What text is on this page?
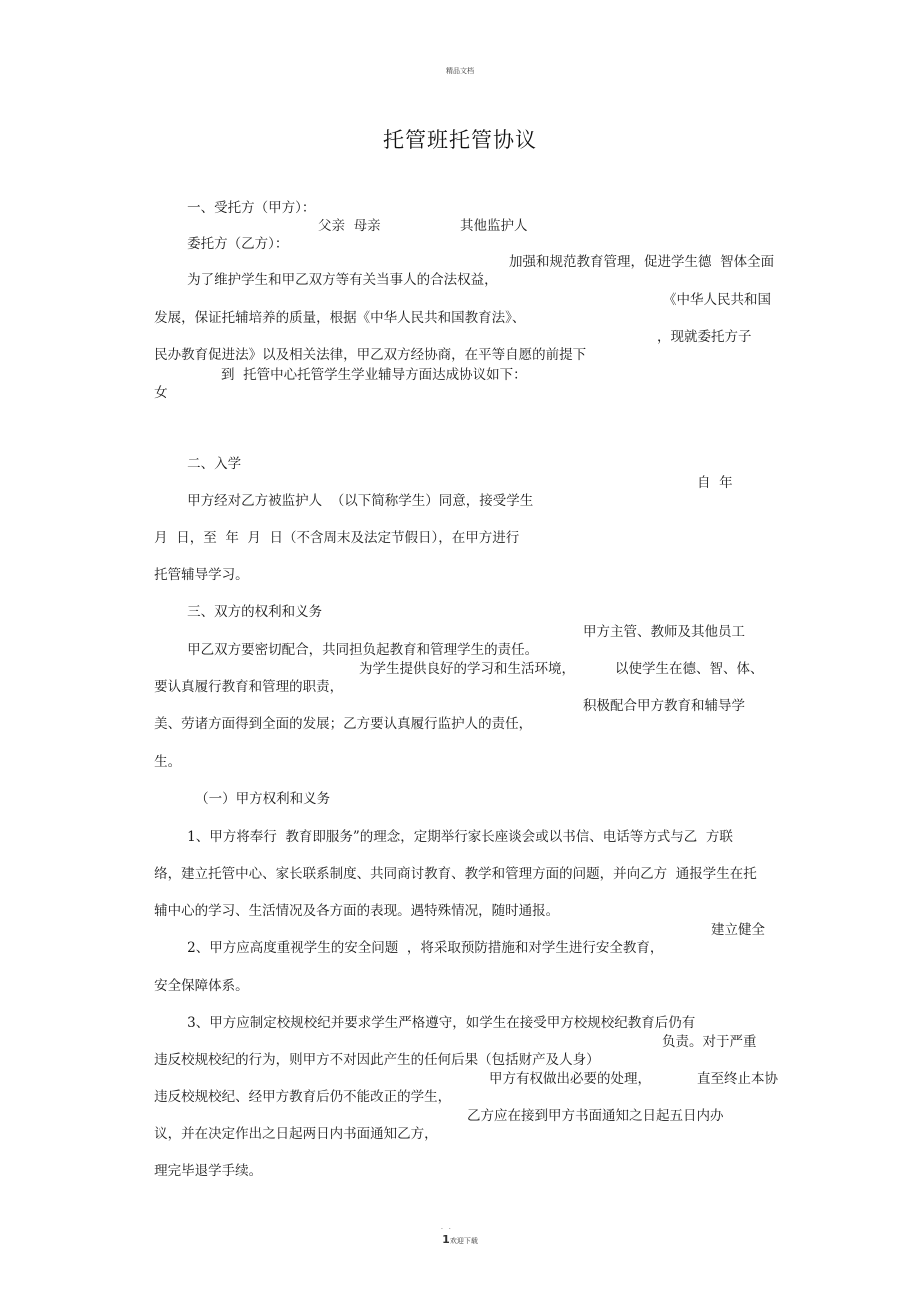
精品文档
托管班托管协议

一、受托方（甲方）：

委托方（乙方）：

父亲  母亲

	其他监护人

为了维护学生和甲乙双方等有关当事人的合法权益，

加强和规范教育管理，促进学生德  智体全面

发展，保证托辅培养的质量，根据《中华人民共和国教育法》、

《中华人民共和国

民办教育促进法》以及相关法律，甲乙双方经协商，在平等自愿的前提下

，现就委托方子

女

到  托管中心托管学生学业辅导方面达成协议如下：

二、入学

甲方经对乙方被监护人  （以下简称学生）同意，接受学生

自  年

月  日，至  年  月  日（不含周末及法定节假日），在甲方进行

托管辅导学习。

三、双方的权利和义务

甲乙双方要密切配合，共同担负起教育和管理学生的责任。

甲方主管、教师及其他员工

要认真履行教育和管理的职责，

为学生提供良好的学习和生活环境，

	以使学生在德、智、体、

美、劳诸方面得到全面的发展；乙方要认真履行监护人的责任，

积极配合甲方教育和辅导学

生。

（一）甲方权利和义务

1、甲方将奉行  教育即服务”的理念，定期举行家长座谈会或以书信、电话等方式与乙  方联

络，建立托管中心、家长联系制度、共同商讨教育、教学和管理方面的问题，并向乙方  通报学生在托

辅中心的学习、生活情况及各方面的表现。遇特殊情况，随时通报。

2、甲方应高度重视学生的安全问题  ，将采取预防措施和对学生进行安全教育，

建立健全

安全保障体系。

3、甲方应制定校规校纪并要求学生严格遵守，如学生在接受甲方校规校纪教育后仍有

违反校规校纪的行为，则甲方不对因此产生的任何后果（包括财产及人身）

负责。对于严重

违反校规校纪、经甲方教育后仍不能改正的学生，

甲方有权做出必要的处理，

	直至终止本协

议，并在决定作出之日起两日内书面通知乙方，

乙方应在接到甲方书面通知之日起五日内办

理完毕退学手续。

. .
1欢迎下载
